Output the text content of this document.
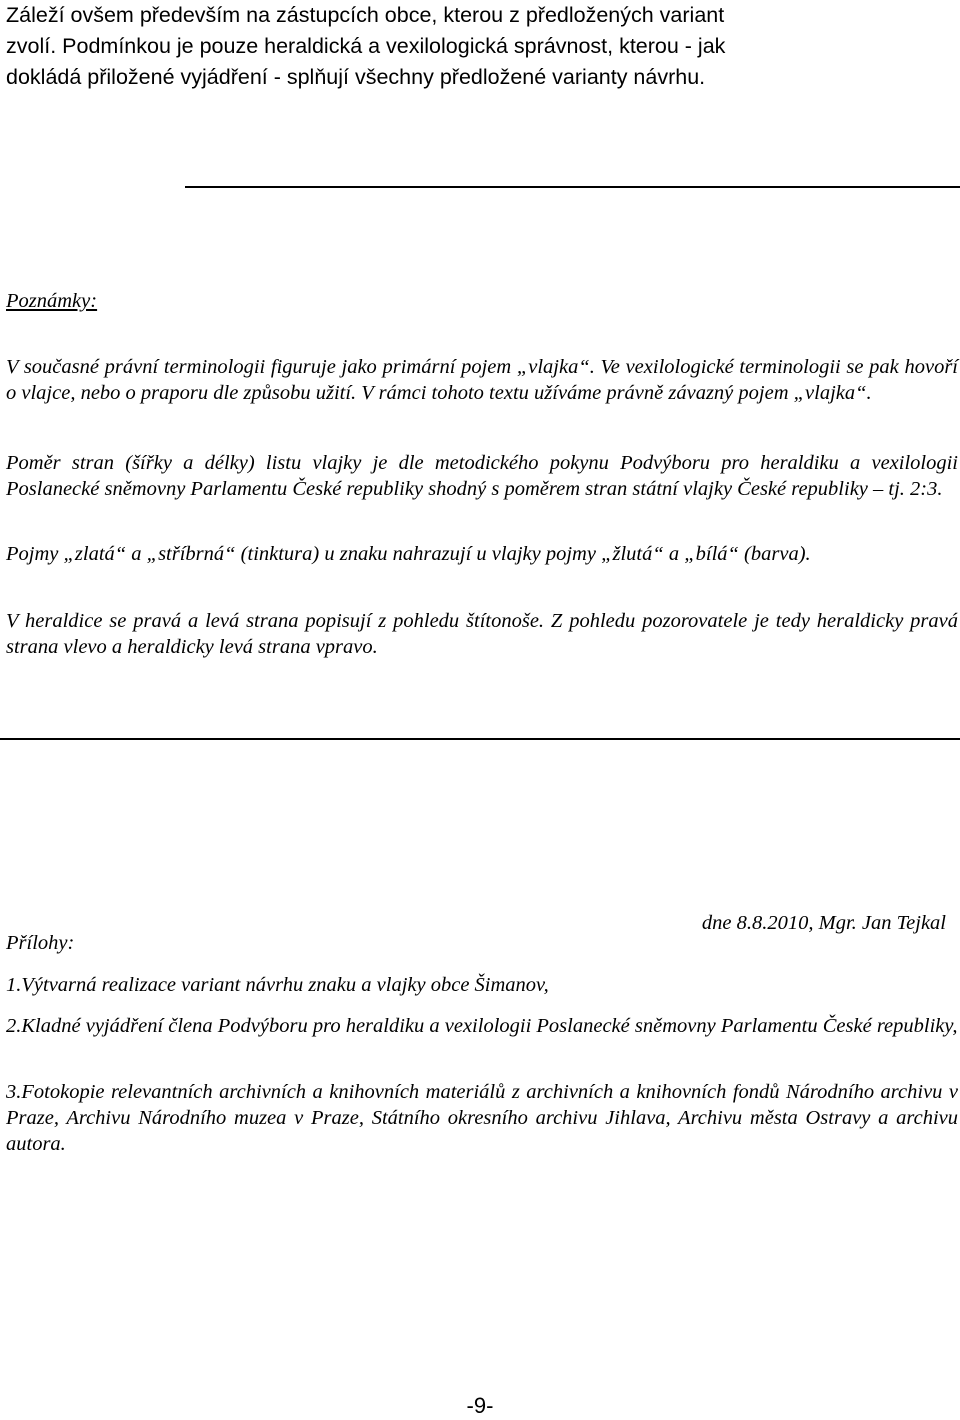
Záleží ovšem především na zástupcích obce, kterou z předložených variant

zvolí. Podmínkou je pouze heraldická a vexilologická správnost, kterou - jak

dokládá přiložené vyjádření - splňují všechny předložené varianty návrhu.

Poznámky:

V současné právní terminologii figuruje jako primární pojem „vlajka“. Ve vexilologické terminologii se pak hovoří o vlajce, nebo o praporu dle způsobu užití. V rámci tohoto textu užíváme právně závazný pojem „vlajka“.

Poměr stran (šířky a délky) listu vlajky je dle metodického pokynu Podvýboru pro heraldiku a vexilologii Poslanecké sněmovny Parlamentu České republiky shodný s poměrem stran státní vlajky České republiky – tj. 2:3.

Pojmy „zlatá“ a „stříbrná“ (tinktura) u znaku nahrazují u vlajky pojmy „žlutá“ a „bílá“ (barva).

V heraldice se pravá a levá strana popisují z pohledu štítonoše. Z pohledu pozorovatele je tedy heraldicky pravá strana vlevo a heraldicky levá strana vpravo.

dne 8.8.2010, Mgr. Jan Tejkal
Přílohy:
1.Výtvarná realizace variant návrhu znaku a vlajky obce Šimanov,
2.Kladné vyjádření člena Podvýboru pro heraldiku a vexilologii Poslanecké sněmovny Parlamentu České republiky,
3.Fotokopie relevantních archivních a knihovních materiálů z archivních a knihovních fondů Národního archivu v Praze, Archivu Národního muzea v Praze, Státního okresního archivu Jihlava, Archivu města Ostravy a archivu autora.
-9-
